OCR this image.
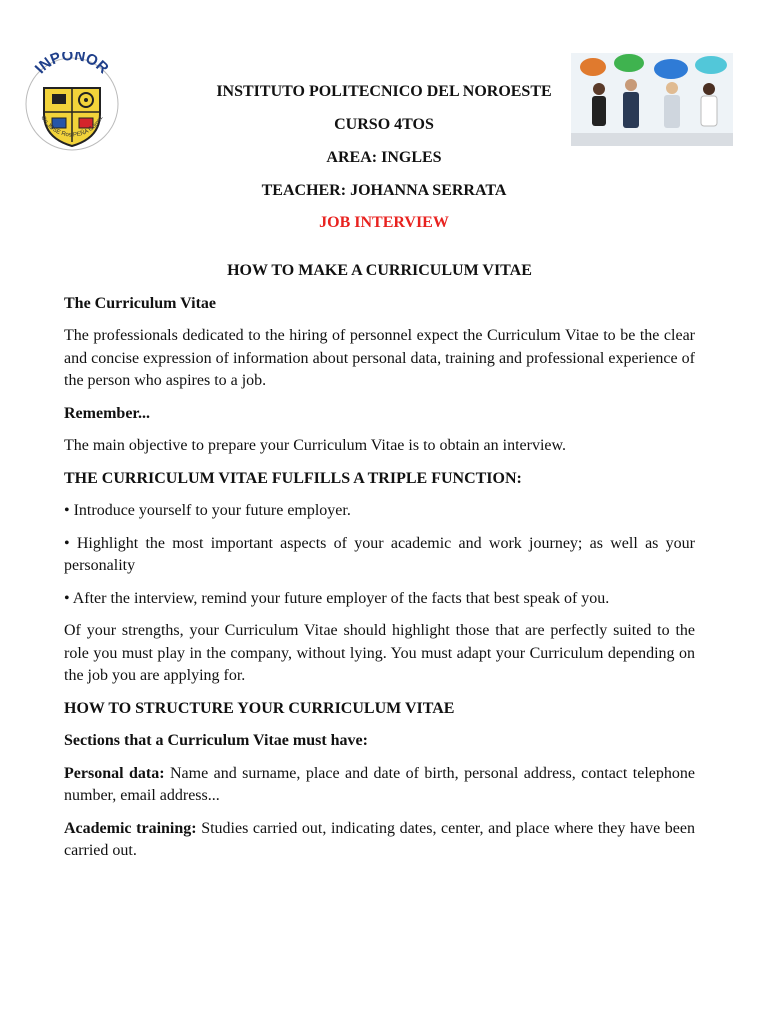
INPONOR
On JOSE Ros PEÑA Gómez

INSTITUTO POLITECNICO DEL NOROESTE

CURSO 4TOS

AREA: INGLES

TEACHER: JOHANNA SERRATA

JOB INTERVIEW

HOW TO MAKE A CURRICULUM VITAE

The Curriculum Vitae

The professionals dedicated to the hiring of personnel expect the Curriculum Vitae to be the clear and concise expression of information about personal data, training and professional experience of the person who aspires to a job.

Remember...

The main objective to prepare your Curriculum Vitae is to obtain an interview.

THE CURRICULUM VITAE FULFILLS A TRIPLE FUNCTION:

• Introduce yourself to your future employer.

• Highlight the most important aspects of your academic and work journey; as well as your personality

• After the interview, remind your future employer of the facts that best speak of you.

Of your strengths, your Curriculum Vitae should highlight those that are perfectly suited to the role you must play in the company, without lying. You must adapt your Curriculum depending on the job you are applying for.

HOW TO STRUCTURE YOUR CURRICULUM VITAE

Sections that a Curriculum Vitae must have:

Personal data: Name and surname, place and date of birth, personal address, contact telephone number, email address...

Academic training: Studies carried out, indicating dates, center, and place where they have been carried out.
